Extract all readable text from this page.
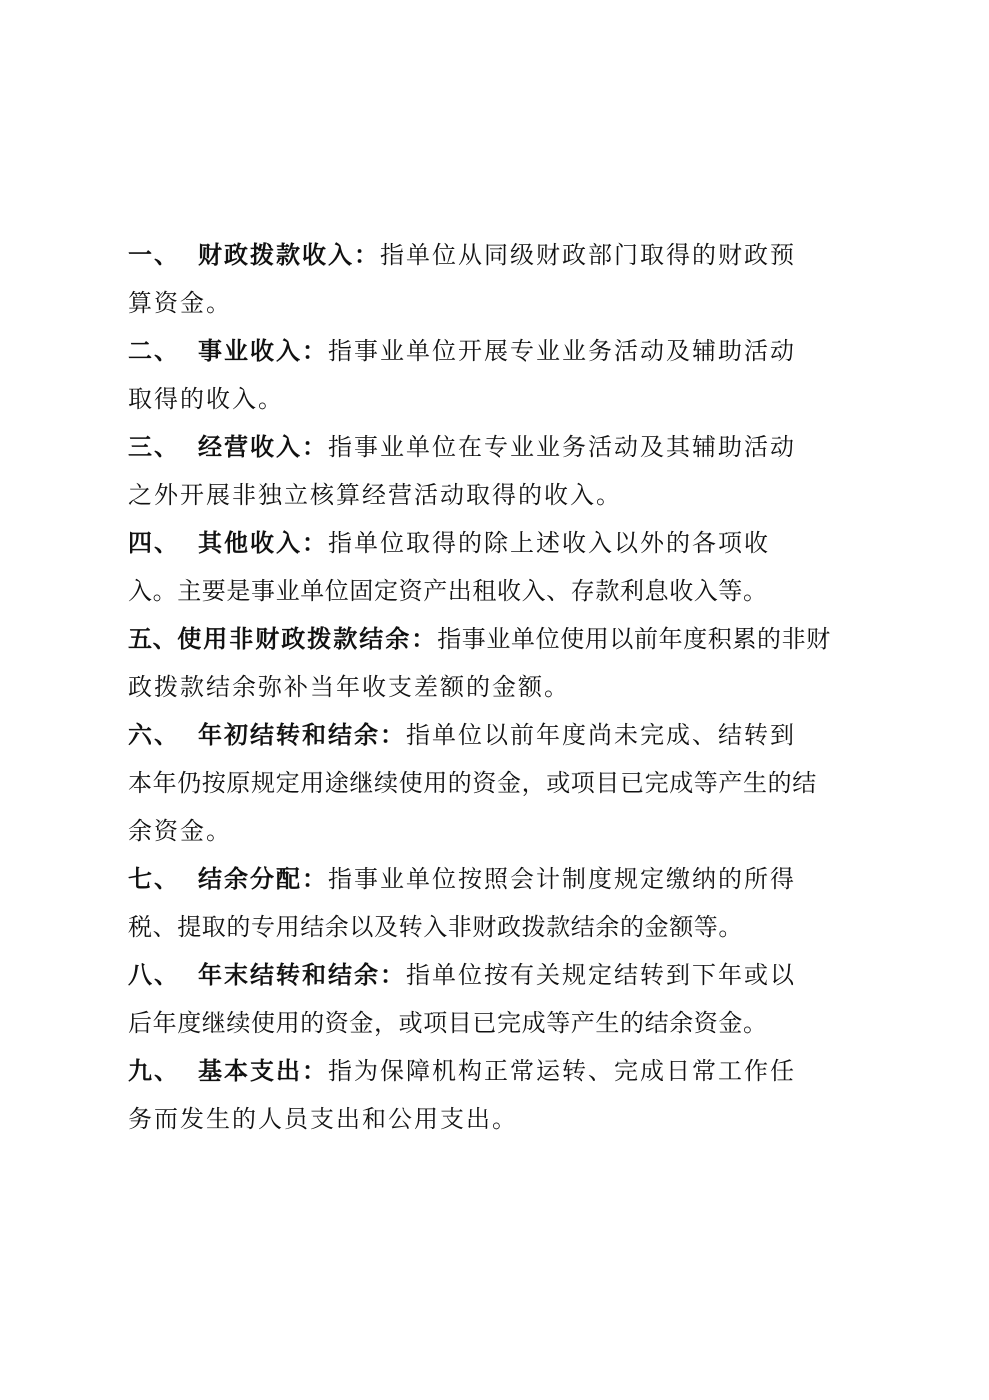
一、 财政拨款收入：指单位从同级财政部门取得的财政预
算资金。
二、 事业收入：指事业单位开展专业业务活动及辅助活动
取得的收入。
三、 经营收入：指事业单位在专业业务活动及其辅助活动
之外开展非独立核算经营活动取得的收入。
四、 其他收入：指单位取得的除上述收入以外的各项收
入。主要是事业单位固定资产出租收入、存款利息收入等。
五、使用非财政拨款结余：指事业单位使用以前年度积累的非财
政拨款结余弥补当年收支差额的金额。
六、 年初结转和结余：指单位以前年度尚未完成、结转到
本年仍按原规定用途继续使用的资金，或项目已完成等产生的结
余资金。
七、 结余分配：指事业单位按照会计制度规定缴纳的所得
税、提取的专用结余以及转入非财政拨款结余的金额等。
八、 年末结转和结余：指单位按有关规定结转到下年或以
后年度继续使用的资金，或项目已完成等产生的结余资金。
九、 基本支出：指为保障机构正常运转、完成日常工作任
务而发生的人员支出和公用支出。
